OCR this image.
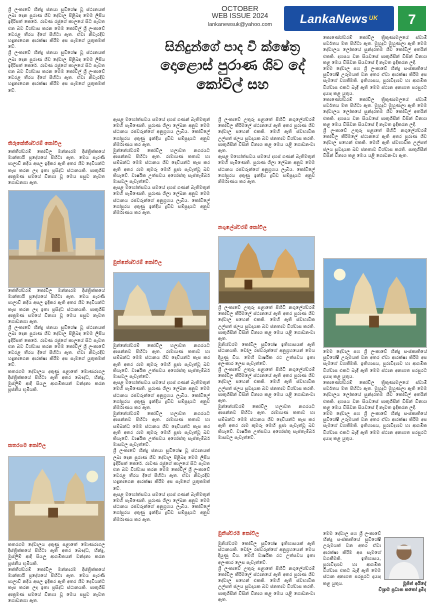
OCTOBER
WEB ISSUE 2024
lankanewsuk@yahoo.com	LankaNews UK	7
සිනිදුන්ගේ පාද වී ක්ෂේත්‍ර
දොළොස් පුරාණ ශිව දේ
කෝවිල් සහ

ශ්‍රී ලංකාවේ හින්දු ජනයා සුවිශේෂ වූ ස්ථානයක් ලබා දෙන පුරාණ ශිව දේවාල පිළිබඳ මෙම ලිපිය ඉදිරිපත් කෙරේ. රාවණ රජුගේ කාලයේ සිට පැවත එන බව විශ්වාස කරන මෙම කෝවිල් ශ්‍රී ලංකාවේ වෙරළ තීරය දිගේ පිහිටා ඇත. ඒවා නිවැරදිව හඳුනාගෙන ආරක්ෂා කිරීම අප සැමගේ යුතුකමක් වේ.

ශ්‍රී ලංකාවේ හින්දු ජනයා සුවිශේෂ වූ ස්ථානයක් ලබා දෙන පුරාණ ශිව දේවාල පිළිබඳ මෙම ලිපිය ඉදිරිපත් කෙරේ. රාවණ රජුගේ කාලයේ සිට පැවත එන බව විශ්වාස කරන මෙම කෝවිල් ශ්‍රී ලංකාවේ වෙරළ තීරය දිගේ පිහිටා ඇත. ඒවා නිවැරදිව හඳුනාගෙන ආරක්ෂා කිරීම අප සැමගේ යුතුකමක් වේ.

තිරුකේතීශ්වරම් කෝවිල

කේතීශ්වරම් කෝවිල මන්නාරම දිස්ත්‍රික්කයේ මාන්තායි ප්‍රදේශයේ පිහිටා ඇත. මෙය පැරණි පාලාවි නදිය අසල ඉදිකර ඇති අතර ශිව දෙවියන්ට කැප කරන ලද ඉතා ප්‍රසිද්ධ ස්ථානයකි. පෘතුගීසි ආක්‍රමණ සමයේ විනාශ වූ මෙය පසුව නැවත ගොඩනගා ඇත.

කේතීශ්වරම් කෝවිල මන්නාරම දිස්ත්‍රික්කයේ මාන්තායි ප්‍රදේශයේ පිහිටා ඇත. මෙය පැරණි පාලාවි නදිය අසල ඉදිකර ඇති අතර ශිව දෙවියන්ට කැප කරන ලද ඉතා ප්‍රසිද්ධ ස්ථානයකි. පෘතුගීසි ආක්‍රමණ සමයේ විනාශ වූ මෙය පසුව නැවත ගොඩනගා ඇත.

ශ්‍රී ලංකාවේ හින්දු ජනයා සුවිශේෂ වූ ස්ථානයක් ලබා දෙන පුරාණ ශිව දේවාල පිළිබඳ මෙම ලිපිය ඉදිරිපත් කෙරේ. රාවණ රජුගේ කාලයේ සිට පැවත එන බව විශ්වාස කරන මෙම කෝවිල් ශ්‍රී ලංකාවේ වෙරළ තීරය දිගේ පිහිටා ඇත. ඒවා නිවැරදිව හඳුනාගෙන ආරක්ෂා කිරීම අප සැමගේ යුතුකමක් වේ.

කතරගම දේවාලය දකුණු පළාතේ මොණරාගල දිස්ත්‍රික්කයේ පිහිටා ඇති අතර බෞද්ධ, හින්දු, මුස්ලිම් ආදී සියලු ආගමිකයන් වන්දනා කරන පූජනීය භූමියකි.

කතරගම කෝවිල

කතරගම දේවාලය දකුණු පළාතේ මොණරාගල දිස්ත්‍රික්කයේ පිහිටා ඇති අතර බෞද්ධ, හින්දු, මුස්ලිම් ආදී සියලු ආගමිකයන් වන්දනා කරන පූජනීය භූමියකි.

කේතීශ්වරම් කෝවිල මන්නාරම දිස්ත්‍රික්කයේ මාන්තායි ප්‍රදේශයේ පිහිටා ඇත. මෙය පැරණි පාලාවි නදිය අසල ඉදිකර ඇති අතර ශිව දෙවියන්ට කැප කරන ලද ඉතා ප්‍රසිද්ධ ස්ථානයකි. පෘතුගීසි ආක්‍රමණ සමයේ විනාශ වූ මෙය පසුව නැවත ගොඩනගා ඇත.

ඇසළ මහෝත්සවය සමයේ දහස් ගණන් බැතිමතුන් මෙහි පැමිණෙති. පුරාණ ශිලා ලේඛන අනුව මෙම ස්ථානය රජවරුන්ගේ අනුග්‍රහය ලැබීය. කෝවිලේ ගෝපුරය දකුණු ඉන්දීය ද්‍රවිඩ සම්ප්‍රදායට අනුව නිර්මාණය කර ඇත.

මුන්නේශ්වරම් කෝවිල හලාවත නගරයට ආසන්නව පිහිටා ඇත. රාමායණ කතාව හා සම්බන්ධ මෙම ස්ථානය ශිව දෙවියන්ට කැප කර ඇති අතර රාම කුමරු මෙහි පූජා පැවැත්වූ බව කියැවේ. වාර්ෂික උත්සවය අගෝස්තු සැප්තැම්බර් මාසවල පැවැත්වේ.

ඇසළ මහෝත්සවය සමයේ දහස් ගණන් බැතිමතුන් මෙහි පැමිණෙති. පුරාණ ශිලා ලේඛන අනුව මෙම ස්ථානය රජවරුන්ගේ අනුග්‍රහය ලැබීය. කෝවිලේ ගෝපුරය දකුණු ඉන්දීය ද්‍රවිඩ සම්ප්‍රදායට අනුව නිර්මාණය කර ඇත.

මුන්නේශ්වරම් කෝවිල

මුන්නේශ්වරම් කෝවිල හලාවත නගරයට ආසන්නව පිහිටා ඇත. රාමායණ කතාව හා සම්බන්ධ මෙම ස්ථානය ශිව දෙවියන්ට කැප කර ඇති අතර රාම කුමරු මෙහි පූජා පැවැත්වූ බව කියැවේ. වාර්ෂික උත්සවය අගෝස්තු සැප්තැම්බර් මාසවල පැවැත්වේ.

ඇසළ මහෝත්සවය සමයේ දහස් ගණන් බැතිමතුන් මෙහි පැමිණෙති. පුරාණ ශිලා ලේඛන අනුව මෙම ස්ථානය රජවරුන්ගේ අනුග්‍රහය ලැබීය. කෝවිලේ ගෝපුරය දකුණු ඉන්දීය ද්‍රවිඩ සම්ප්‍රදායට අනුව නිර්මාණය කර ඇත.

මුන්නේශ්වරම් කෝවිල හලාවත නගරයට ආසන්නව පිහිටා ඇත. රාමායණ කතාව හා සම්බන්ධ මෙම ස්ථානය ශිව දෙවියන්ට කැප කර ඇති අතර රාම කුමරු මෙහි පූජා පැවැත්වූ බව කියැවේ. වාර්ෂික උත්සවය අගෝස්තු සැප්තැම්බර් මාසවල පැවැත්වේ.

ශ්‍රී ලංකාවේ හින්දු ජනයා සුවිශේෂ වූ ස්ථානයක් ලබා දෙන පුරාණ ශිව දේවාල පිළිබඳ මෙම ලිපිය ඉදිරිපත් කෙරේ. රාවණ රජුගේ කාලයේ සිට පැවත එන බව විශ්වාස කරන මෙම කෝවිල් ශ්‍රී ලංකාවේ වෙරළ තීරය දිගේ පිහිටා ඇත. ඒවා නිවැරදිව හඳුනාගෙන ආරක්ෂා කිරීම අප සැමගේ යුතුකමක් වේ.

ඇසළ මහෝත්සවය සමයේ දහස් ගණන් බැතිමතුන් මෙහි පැමිණෙති. පුරාණ ශිලා ලේඛන අනුව මෙම ස්ථානය රජවරුන්ගේ අනුග්‍රහය ලැබීය. කෝවිලේ ගෝපුරය දකුණු ඉන්දීය ද්‍රවිඩ සම්ප්‍රදායට අනුව නිර්මාණය කර ඇත.

ශ්‍රී ලංකාවේ උතුරු පළාතේ පිහිටි නගුලේශ්වරම් කෝවිල කීරිමලේ ස්ථානයේ ඇති අතර පුරාණ ශිව දේවාල පහෙන් එකකි. මෙහි ඇති ස්වභාවික උල්පත් ජලය සුවදායක බව ජනතාව විශ්වාස කරති. පෘතුගීසීන් විසින් විනාශ කළ මෙය යළි ගොඩනංවා ඇත.

ඇසළ මහෝත්සවය සමයේ දහස් ගණන් බැතිමතුන් මෙහි පැමිණෙති. පුරාණ ශිලා ලේඛන අනුව මෙම ස්ථානය රජවරුන්ගේ අනුග්‍රහය ලැබීය. කෝවිලේ ගෝපුරය දකුණු ඉන්දීය ද්‍රවිඩ සම්ප්‍රදායට අනුව නිර්මාණය කර ඇත.

නගුලේශ්වරම් කෝවිල

ශ්‍රී ලංකාවේ උතුරු පළාතේ පිහිටි නගුලේශ්වරම් කෝවිල කීරිමලේ ස්ථානයේ ඇති අතර පුරාණ ශිව දේවාල පහෙන් එකකි. මෙහි ඇති ස්වභාවික උල්පත් ජලය සුවදායක බව ජනතාව විශ්වාස කරති. පෘතුගීසීන් විසින් විනාශ කළ මෙය යළි ගොඩනංවා ඇත.

මුනිශ්වරම කෝවිල සුවිශේෂ ඉතිහාසයක් ඇති ස්ථානයකි. චෝල රජවරුන්ගේ අනුග්‍රහයෙන් මෙය දියුණු විය. මෙහි වාර්ෂික රථ උත්සවය ඉතා අලංකාර ලෙස පැවැත්වේ.

ශ්‍රී ලංකාවේ උතුරු පළාතේ පිහිටි නගුලේශ්වරම් කෝවිල කීරිමලේ ස්ථානයේ ඇති අතර පුරාණ ශිව දේවාල පහෙන් එකකි. මෙහි ඇති ස්වභාවික උල්පත් ජලය සුවදායක බව ජනතාව විශ්වාස කරති. පෘතුගීසීන් විසින් විනාශ කළ මෙය යළි ගොඩනංවා ඇත.

මුන්නේශ්වරම් කෝවිල හලාවත නගරයට ආසන්නව පිහිටා ඇත. රාමායණ කතාව හා සම්බන්ධ මෙම ස්ථානය ශිව දෙවියන්ට කැප කර ඇති අතර රාම කුමරු මෙහි පූජා පැවැත්වූ බව කියැවේ. වාර්ෂික උත්සවය අගෝස්තු සැප්තැම්බර් මාසවල පැවැත්වේ.

මුනිශ්වරම කෝවිල

මුනිශ්වරම කෝවිල සුවිශේෂ ඉතිහාසයක් ඇති ස්ථානයකි. චෝල රජවරුන්ගේ අනුග්‍රහයෙන් මෙය දියුණු විය. මෙහි වාර්ෂික රථ උත්සවය ඉතා අලංකාර ලෙස පැවැත්වේ.

ශ්‍රී ලංකාවේ උතුරු පළාතේ පිහිටි නගුලේශ්වරම් කෝවිල කීරිමලේ ස්ථානයේ ඇති අතර පුරාණ ශිව දේවාල පහෙන් එකකි. මෙහි ඇති ස්වභාවික උල්පත් ජලය සුවදායක බව ජනතාව විශ්වාස කරති. පෘතුගීසීන් විසින් විනාශ කළ මෙය යළි ගොඩනංවා ඇත.

කොණේශ්වරම් කෝවිල ත්‍රිකුණාමලයේ ස්වාමි පර්වතය මත පිහිටා ඇත. මුහුදට මුහුණලා ඇති මෙම දේවාලය ලෝකයේ සුන්දරතම ශිව කෝවිල් අතරින් එකකි. දහසය වන සියවසේ පෘතුගීසීන් විසින් විනාශ කළ මෙය විසිවන සියවසේ දී නැවත ඉදිකරන ලදී.

මෙම දේවාල පහ ශ්‍රී ලංකාවේ හින්දු සංස්කෘතියේ සුවිශේෂී උරුමයක් වන අතර ඒවා ආරක්ෂා කිරීම අප සැමගේ වගකීමකි. ඉතිහාසය, පුරාවිද්‍යාව හා ආගමික විශ්වාස එකට බැඳී ඇති මෙම ස්ථාන අනාගත පරපුරට දායාද කළ යුතුය.

කොණේශ්වරම් කෝවිල ත්‍රිකුණාමලයේ ස්වාමි පර්වතය මත පිහිටා ඇත. මුහුදට මුහුණලා ඇති මෙම දේවාලය ලෝකයේ සුන්දරතම ශිව කෝවිල් අතරින් එකකි. දහසය වන සියවසේ පෘතුගීසීන් විසින් විනාශ කළ මෙය විසිවන සියවසේ දී නැවත ඉදිකරන ලදී.

ශ්‍රී ලංකාවේ උතුරු පළාතේ පිහිටි නගුලේශ්වරම් කෝවිල කීරිමලේ ස්ථානයේ ඇති අතර පුරාණ ශිව දේවාල පහෙන් එකකි. මෙහි ඇති ස්වභාවික උල්පත් ජලය සුවදායක බව ජනතාව විශ්වාස කරති. පෘතුගීසීන් විසින් විනාශ කළ මෙය යළි ගොඩනංවා ඇත.

මෙම දේවාල පහ ශ්‍රී ලංකාවේ හින්දු සංස්කෘතියේ සුවිශේෂී උරුමයක් වන අතර ඒවා ආරක්ෂා කිරීම අප සැමගේ වගකීමකි. ඉතිහාසය, පුරාවිද්‍යාව හා ආගමික විශ්වාස එකට බැඳී ඇති මෙම ස්ථාන අනාගත පරපුරට දායාද කළ යුතුය.

කොණේශ්වරම් කෝවිල ත්‍රිකුණාමලයේ ස්වාමි පර්වතය මත පිහිටා ඇත. මුහුදට මුහුණලා ඇති මෙම දේවාලය ලෝකයේ සුන්දරතම ශිව කෝවිල් අතරින් එකකි. දහසය වන සියවසේ පෘතුගීසීන් විසින් විනාශ කළ මෙය විසිවන සියවසේ දී නැවත ඉදිකරන ලදී.

මෙම දේවාල පහ ශ්‍රී ලංකාවේ හින්දු සංස්කෘතියේ සුවිශේෂී උරුමයක් වන අතර ඒවා ආරක්ෂා කිරීම අප සැමගේ වගකීමකි. ඉතිහාසය, පුරාවිද්‍යාව හා ආගමික විශ්වාස එකට බැඳී ඇති මෙම ස්ථාන අනාගත පරපුරට දායාද කළ යුතුය.

මෙම දේවාල පහ ශ්‍රී ලංකාවේ හින්දු සංස්කෘතියේ සුවිශේෂී උරුමයක් වන අතර ඒවා ආරක්ෂා කිරීම අප සැමගේ වගකීමකි. ඉතිහාසය, පුරාවිද්‍යාව හා ආගමික විශ්වාස එකට බැඳී ඇති මෙම ස්ථාන අනාගත පරපුරට දායාද කළ යුතුය.	මූජිත් අයිදෝ
විශ්‍රාම ප්‍රධාන කතෝ දුමිද
